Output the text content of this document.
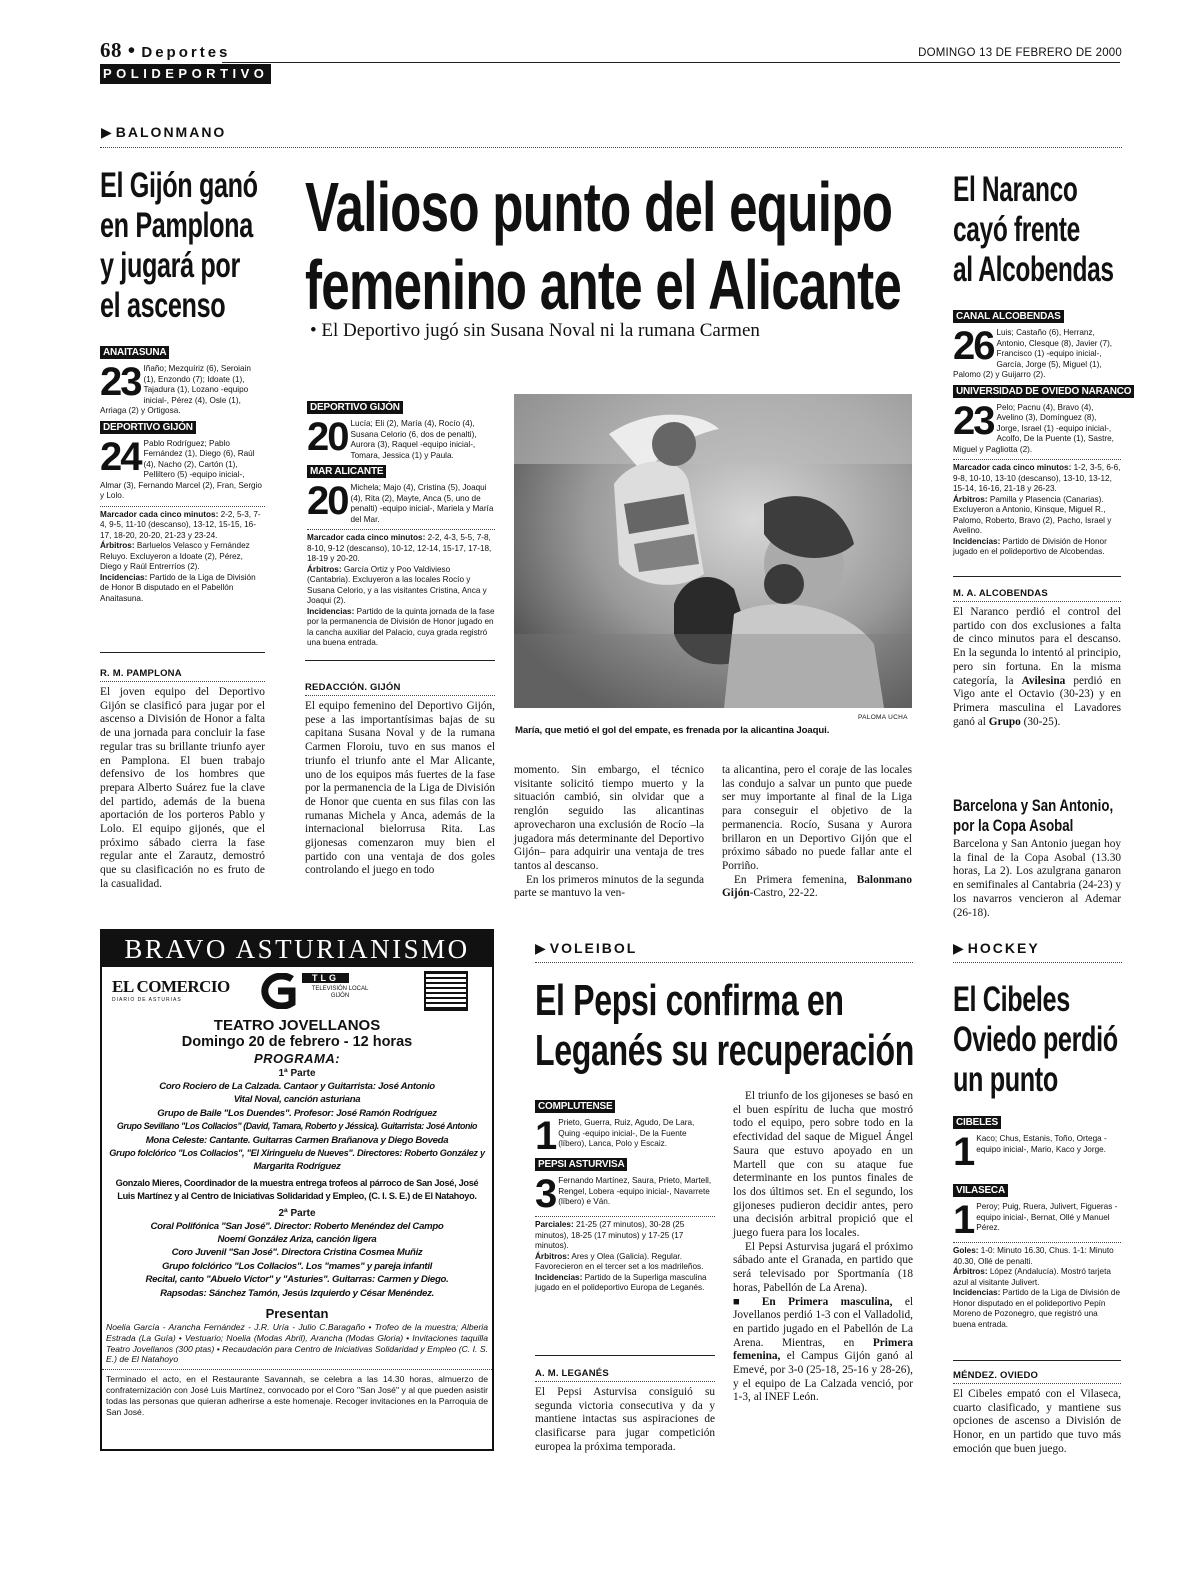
68 • Deportes
POLIDEPORTIVO
DOMINGO 13 DE FEBRERO DE 2000
▶ BALONMANO
El Gijón ganó
en Pamplona
y jugará por
el ascenso
ANAITASUNA
23 Iñaño; Mezquíriz (6), Seroiain (1), Enzondo (7); Idoate (1), Tajadura (1), Lozano -equipo inicial-, Pérez (4), Osle (1), Arriaga (2) y Ortigosa.
DEPORTIVO GIJÓN
24 Pablo Rodríguez; Pablo Fernández (1), Diego (6), Raúl (4), Nacho (2), Cartón (1), Pelliltero (5) -equipo inicial-, Almar (3), Fernando Marcel (2), Fran, Sergio y Lolo.
Marcador cada cinco minutos: 2-2, 5-3, 7-4, 9-5, 11-10 (descanso), 13-12, 15-15, 16-17, 18-20, 20-20, 21-23 y 23-24.
Árbitros: Barluelos Velasco y Fernández Reluyo. Excluyeron a Idoate (2), Pérez, Diego y Raúl Entrerríos (2).
Incidencias: Partido de la Liga de División de Honor B disputado en el Pabellón Anaitasuna.
R. M. PAMPLONA
El joven equipo del Deportivo Gijón se clasificó para jugar por el ascenso a División de Honor a falta de una jornada para concluir la fase regular tras su brillante triunfo ayer en Pamplona. El buen trabajo defensivo de los hombres que prepara Alberto Suárez fue la clave del partido, además de la buena aportación de los porteros Pablo y Lolo. El equipo gijonés, que el próximo sábado cierra la fase regular ante el Zarautz, demostró que su clasificación no es fruto de la casualidad.
Valioso punto del equipo
femenino ante el Alicante
• El Deportivo jugó sin Susana Noval ni la rumana Carmen
DEPORTIVO GIJÓN
20 Lucía; Eli (2), María (4), Rocío (4), Susana Celorio (6, dos de penalti), Aurora (3), Raquel -equipo inicial-, Tomara, Jessica (1) y Paula.
MAR ALICANTE
20 Michela; Majo (4), Cristina (5), Joaqui (4), Rita (2), Mayte, Anca (5, uno de penalti) -equipo inicial-, Mariela y María del Mar.
Marcador cada cinco minutos: 2-2, 4-3, 5-5, 7-8, 8-10, 9-12 (descanso), 10-12, 12-14, 15-17, 17-18, 18-19 y 20-20.
Árbitros: García Ortiz y Poo Valdivieso (Cantabria). Excluyeron a las locales Rocío y Susana Celorio, y a las visitantes Cristina, Anca y Joaqui (2).
Incidencias: Partido de la quinta jornada de la fase por la permanencia de División de Honor jugado en la cancha auxiliar del Palacio, cuya grada registró una buena entrada.
REDACCIÓN. GIJÓN
El equipo femenino del Deportivo Gijón, pese a las importantísimas bajas de su capitana Susana Noval y de la rumana Carmen Floroiu, tuvo en sus manos el triunfo el triunfo ante el Mar Alicante, uno de los equipos más fuertes de la fase por la permanencia de la Liga de División de Honor que cuenta en sus filas con las rumanas Michela y Anca, además de la internacional bielorrusa Rita. Las gijonesas comenzaron muy bien el partido con una ventaja de dos goles controlando el juego en todo
PALOMA UCHA
María, que metió el gol del empate, es frenada por la alicantina Joaqui.
momento. Sin embargo, el técnico visitante solicitó tiempo muerto y la situación cambió, sin olvidar que a renglón seguido las alicantinas aprovecharon una exclusión de Rocío –la jugadora más determinante del Deportivo Gijón– para adquirir una ventaja de tres tantos al descanso.
En los primeros minutos de la segunda parte se mantuvo la ven-
ta alicantina, pero el coraje de las locales las condujo a salvar un punto que puede ser muy importante al final de la Liga para conseguir el objetivo de la permanencia. Rocío, Susana y Aurora brillaron en un Deportivo Gijón que el próximo sábado no puede fallar ante el Porriño.
En Primera femenina, Balonmano Gijón-Castro, 22-22.
El Naranco
cayó frente
al Alcobendas
CANAL ALCOBENDAS
26 Luis; Castaño (6), Herranz, Antonio, Clesque (8), Javier (7), Francisco (1) -equipo inicial-, García, Jorge (5), Miguel (1), Palomo (2) y Guijarro (2).
UNIVERSIDAD DE OVIEDO NARANCO
23 Pelo; Pacnu (4), Bravo (4), Avelino (3), Domínguez (8), Jorge, Israel (1) -equipo inicial-, Acolfo, De la Puente (1), Sastre, Miguel y Pagliotta (2).
Marcador cada cinco minutos: 1-2, 3-5, 6-6, 9-8, 10-10, 13-10 (descanso), 13-10, 13-12, 15-14, 16-16, 21-18 y 26-23.
Árbitros: Pamilla y Plasencia (Canarias). Excluyeron a Antonio, Kinsque, Miguel R., Palomo, Roberto, Bravo (2), Pacho, Israel y Avelino.
Incidencias: Partido de División de Honor jugado en el polideportivo de Alcobendas.
M. A. ALCOBENDAS
El Naranco perdió el control del partido con dos exclusiones a falta de cinco minutos para el descanso. En la segunda lo intentó al principio, pero sin fortuna. En la misma categoría, la Avilesina perdió en Vigo ante el Octavio (30-23) y en Primera masculina el Lavadores ganó al Grupo (30-25).
Barcelona y San Antonio,
por la Copa Asobal
Barcelona y San Antonio juegan hoy la final de la Copa Asobal (13.30 horas, La 2). Los azulgrana ganaron en semifinales al Cantabria (24-23) y los navarros vencieron al Ademar (26-18).
BRAVO ASTURIANISMO
EL COMERCIO
DIARIO DE ASTURIAS
TLG
TELEVISIÓN LOCAL GIJÓN
TEATRO JOVELLANOS
Domingo 20 de febrero - 12 horas
PROGRAMA:
1ª Parte
Coro Rociero de La Calzada. Cantaor y Guitarrista: José Antonio
Vital Noval, canción asturiana
Grupo de Baile "Los Duendes". Profesor: José Ramón Rodríguez
Grupo Sevillano "Los Collacios" (David, Tamara, Roberto y Jéssica). Guitarrista: José Antonio
Mona Celeste: Cantante. Guitarras Carmen Brañanova y Diego Boveda
Grupo folclórico "Los Collacios", "El Xiringuelu de Nueves". Directores: Roberto González y
Margarita Rodríguez
Gonzalo Mieres, Coordinador de la muestra entrega trofeos al párroco de San José, José Luis Martínez y al Centro de Iniciativas Solidaridad y Empleo, (C. I. S. E.) de El Natahoyo.
2ª Parte
Coral Polifónica "San José". Director: Roberto Menéndez del Campo
Noemí González Ariza, canción ligera
Coro Juvenil "San José". Directora Cristina Cosmea Muñiz
Grupo folclórico "Los Collacios". Los "mames" y pareja infantil
Recital, canto "Abuelo Víctor" y "Asturies". Guitarras: Carmen y Diego.
Rapsodas: Sánchez Tamón, Jesús Izquierdo y César Menéndez.
Presentan
Noelia García - Arancha Fernández - J.R. Uría - Julio C.Baragaño • Trofeo de la muestra; Alberia Estrada (La Guía) • Vestuario; Noelia (Modas Abril), Arancha (Modas Gloria) • Invitaciones taquilla Teatro Jovellanos (300 ptas) • Recaudación para Centro de Iniciativas Solidaridad y Empleo (C. I. S. E.) de El Natahoyo
Terminado el acto, en el Restaurante Savannah, se celebra a las 14.30 horas, almuerzo de confraternización con José Luis Martínez, convocado por el Coro "San José" y al que pueden asistir todas las personas que quieran adherirse a este homenaje. Recoger invitaciones en la Parroquia de San José.
▶ VOLEIBOL
El Pepsi confirma en
Leganés su recuperación
COMPLUTENSE
1 Prieto, Guerra, Ruiz, Agudo, De Lara, Quing -equipo inicial-, De la Fuente (líbero), Lanca, Polo y Escaiz.
PEPSI ASTURVISA
3 Fernando Martínez, Saura, Prieto, Martell, Rengel, Lobera -equipo inicial-, Navarrete (líbero) e Ván.
Parciales: 21-25 (27 minutos), 30-28 (25 minutos), 18-25 (17 minutos) y 17-25 (17 minutos).
Árbitros: Ares y Olea (Galicia). Regular. Favorecieron en el tercer set a los madrileños.
Incidencias: Partido de la Superliga masculina jugado en el polideportivo Europa de Leganés.
A. M. LEGANÉS
El Pepsi Asturvisa consiguió su segunda victoria consecutiva y da y mantiene intactas sus aspiraciones de clasificarse para jugar competición europea la próxima temporada.
El triunfo de los gijoneses se basó en el buen espíritu de lucha que mostró todo el equipo, pero sobre todo en la efectividad del saque de Miguel Ángel Saura que estuvo apoyado en un Martell que con su ataque fue determinante en los puntos finales de los dos últimos set. En el segundo, los gijoneses pudieron decidir antes, pero una decisión arbitral propició que el juego fuera para los locales.
El Pepsi Asturvisa jugará el próximo sábado ante el Granada, en partido que será televisado por Sportmanía (18 horas, Pabellón de La Arena).
■ En Primera masculina, el Jovellanos perdió 1-3 con el Valladolid, en partido jugado en el Pabellón de La Arena. Mientras, en Primera femenina, el Campus Gijón ganó al Emevé, por 3-0 (25-18, 25-16 y 28-26), y el equipo de La Calzada venció, por 1-3, al INEF León.
▶ HOCKEY
El Cibeles
Oviedo perdió
un punto
CIBELES
1 Kaco; Chus, Estanis, Toño, Ortega -equipo inicial-, Mario, Kaco y Jorge.
VILASECA
1 Peroy; Puig, Ruera, Julivert, Figueras -equipo inicial-, Bernat, Ollé y Manuel Pérez.
Goles: 1-0: Minuto 16.30, Chus. 1-1: Minuto 40.30, Ollé de penalti.
Árbitros: López (Andalucía). Mostró tarjeta azul al visitante Julivert.
Incidencias: Partido de la Liga de División de Honor disputado en el polideportivo Pepín Moreno de Pozonegro, que registró una buena entrada.
MÉNDEZ. OVIEDO
El Cibeles empató con el Vilaseca, cuarto clasificado, y mantiene sus opciones de ascenso a División de Honor, en un partido que tuvo más emoción que buen juego.
